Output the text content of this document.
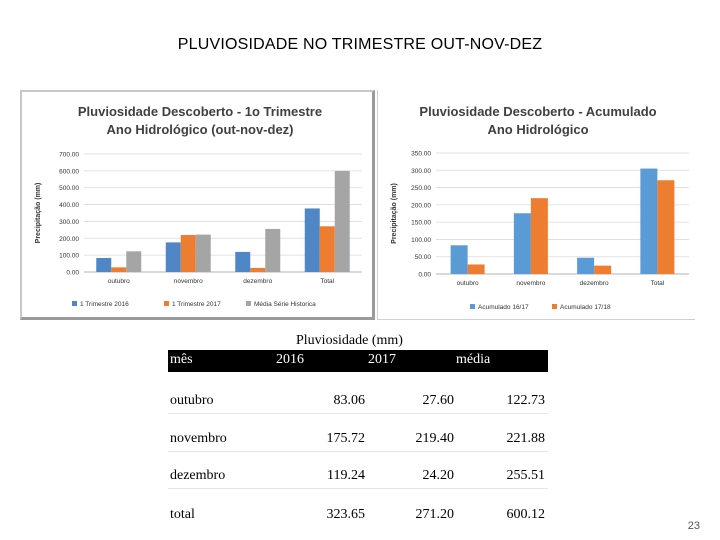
PLUVIOSIDADE NO TRIMESTRE OUT-NOV-DEZ
Pluviosidade Descoberto - 1o Trimestre
Ano Hidrológico (out-nov-dez)
Precipitação (mm)
0.00
100.00
200.00
300.00
400.00
500.00
600.00
700.00
outubro	novembro	dezembro	Total
1 Trimestre 2016	1 Trimestre 2017	Média Série Historica
Pluviosidade Descoberto - Acumulado
Ano Hidrológico
Precipitação (mm)
0.00
50.00
100.00
150.00
200.00
250.00
300.00
350.00
outubro	novembro	dezembro	Total
Acumulado 16/17	Acumulado 17/18
Pluviosidade (mm)
mês	2016	2017	média
outubro	83.06	27.60	122.73
novembro	175.72	219.40	221.88
dezembro	119.24	24.20	255.51
total	323.65	271.20	600.12
23
